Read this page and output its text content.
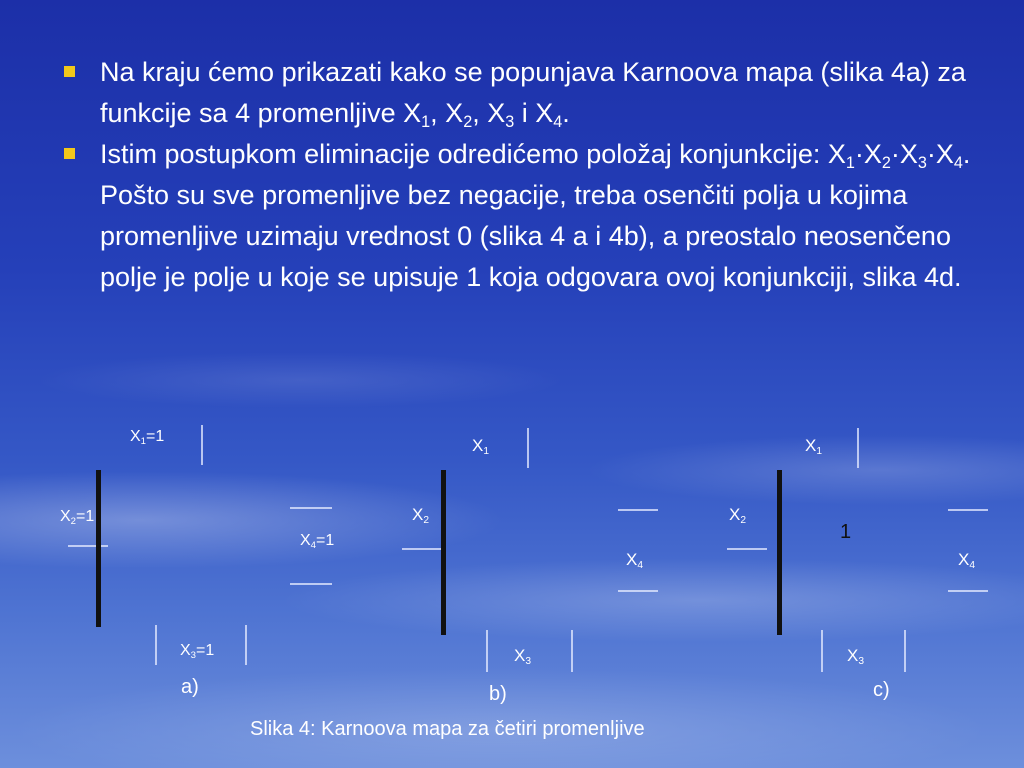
Na kraju ćemo prikazati kako se popunjava Karnoova mapa (slika 4a) za funkcije sa 4 promenljive $X_1$, $X_2$, $X_3$ i $X_4$.
Istim postupkom eliminacije odredićemo položaj konjunkcije: $X_1\cdot X_2\cdot X_3\cdot X_4$. Pošto su sve promenljive bez negacije, treba osenčiti polja u kojima promenljive uzimaju vrednost 0 (slika 4 a i 4b), a preostalo neosenčeno polje je polje u koje se upisuje 1 koja odgovara ovoj konjunkciji, slika 4d.
$X_1=1$
$X_2=1$
$X_4=1$
$X_3=1$

a)
$X_1$
$X_2$
$X_4$
$X_3$

b)
$X_1$
$X_2$
$X_4$
$X_3$

1
c)
Slika 4: Karnoova mapa za četiri promenljive
